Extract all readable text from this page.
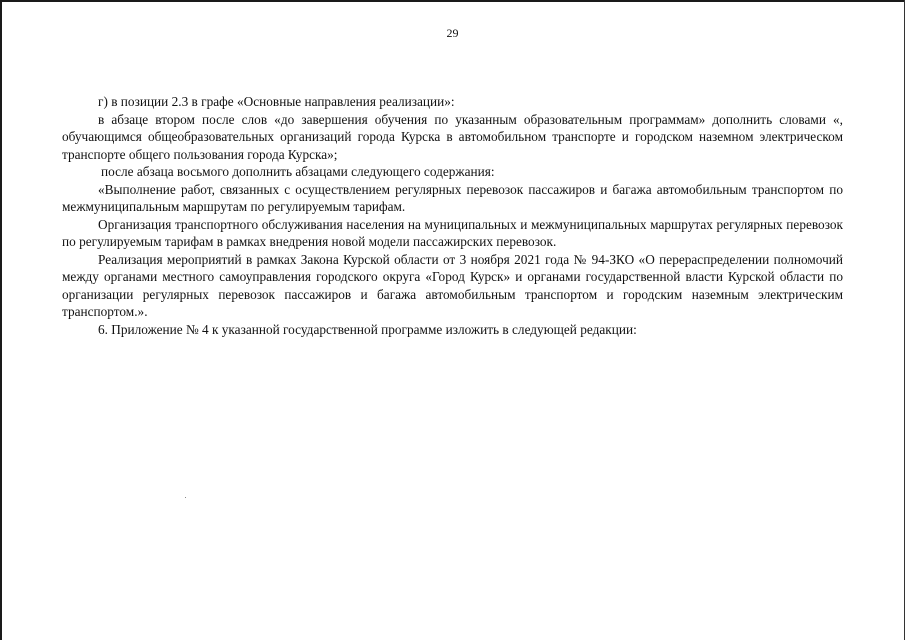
29

г) в позиции 2.3 в графе «Основные направления реализации»:

в абзаце втором после слов «до завершения обучения по указанным образовательным программам» дополнить словами «, обучающимся общеобразовательных организаций города Курска в автомобильном транспорте и городском наземном электрическом транспорте общего пользования города Курска»;

после абзаца восьмого дополнить абзацами следующего содержания:

«Выполнение работ, связанных с осуществлением регулярных перевозок пассажиров и багажа автомобильным транспортом по межмуниципальным маршрутам по регулируемым тарифам.

Организация транспортного обслуживания населения на муниципальных и межмуниципальных маршрутах регулярных перевозок по регулируемым тарифам в рамках внедрения новой модели пассажирских перевозок.

Реализация мероприятий в рамках Закона Курской области от 3 ноября 2021 года № 94-ЗКО «О перераспределении полномочий между органами местного самоуправления городского округа «Город Курск» и органами государственной власти Курской области по организации регулярных перевозок пассажиров и багажа автомобильным транспортом и городским наземным электрическим транспортом.».

6. Приложение № 4 к указанной государственной программе изложить в следующей редакции:
